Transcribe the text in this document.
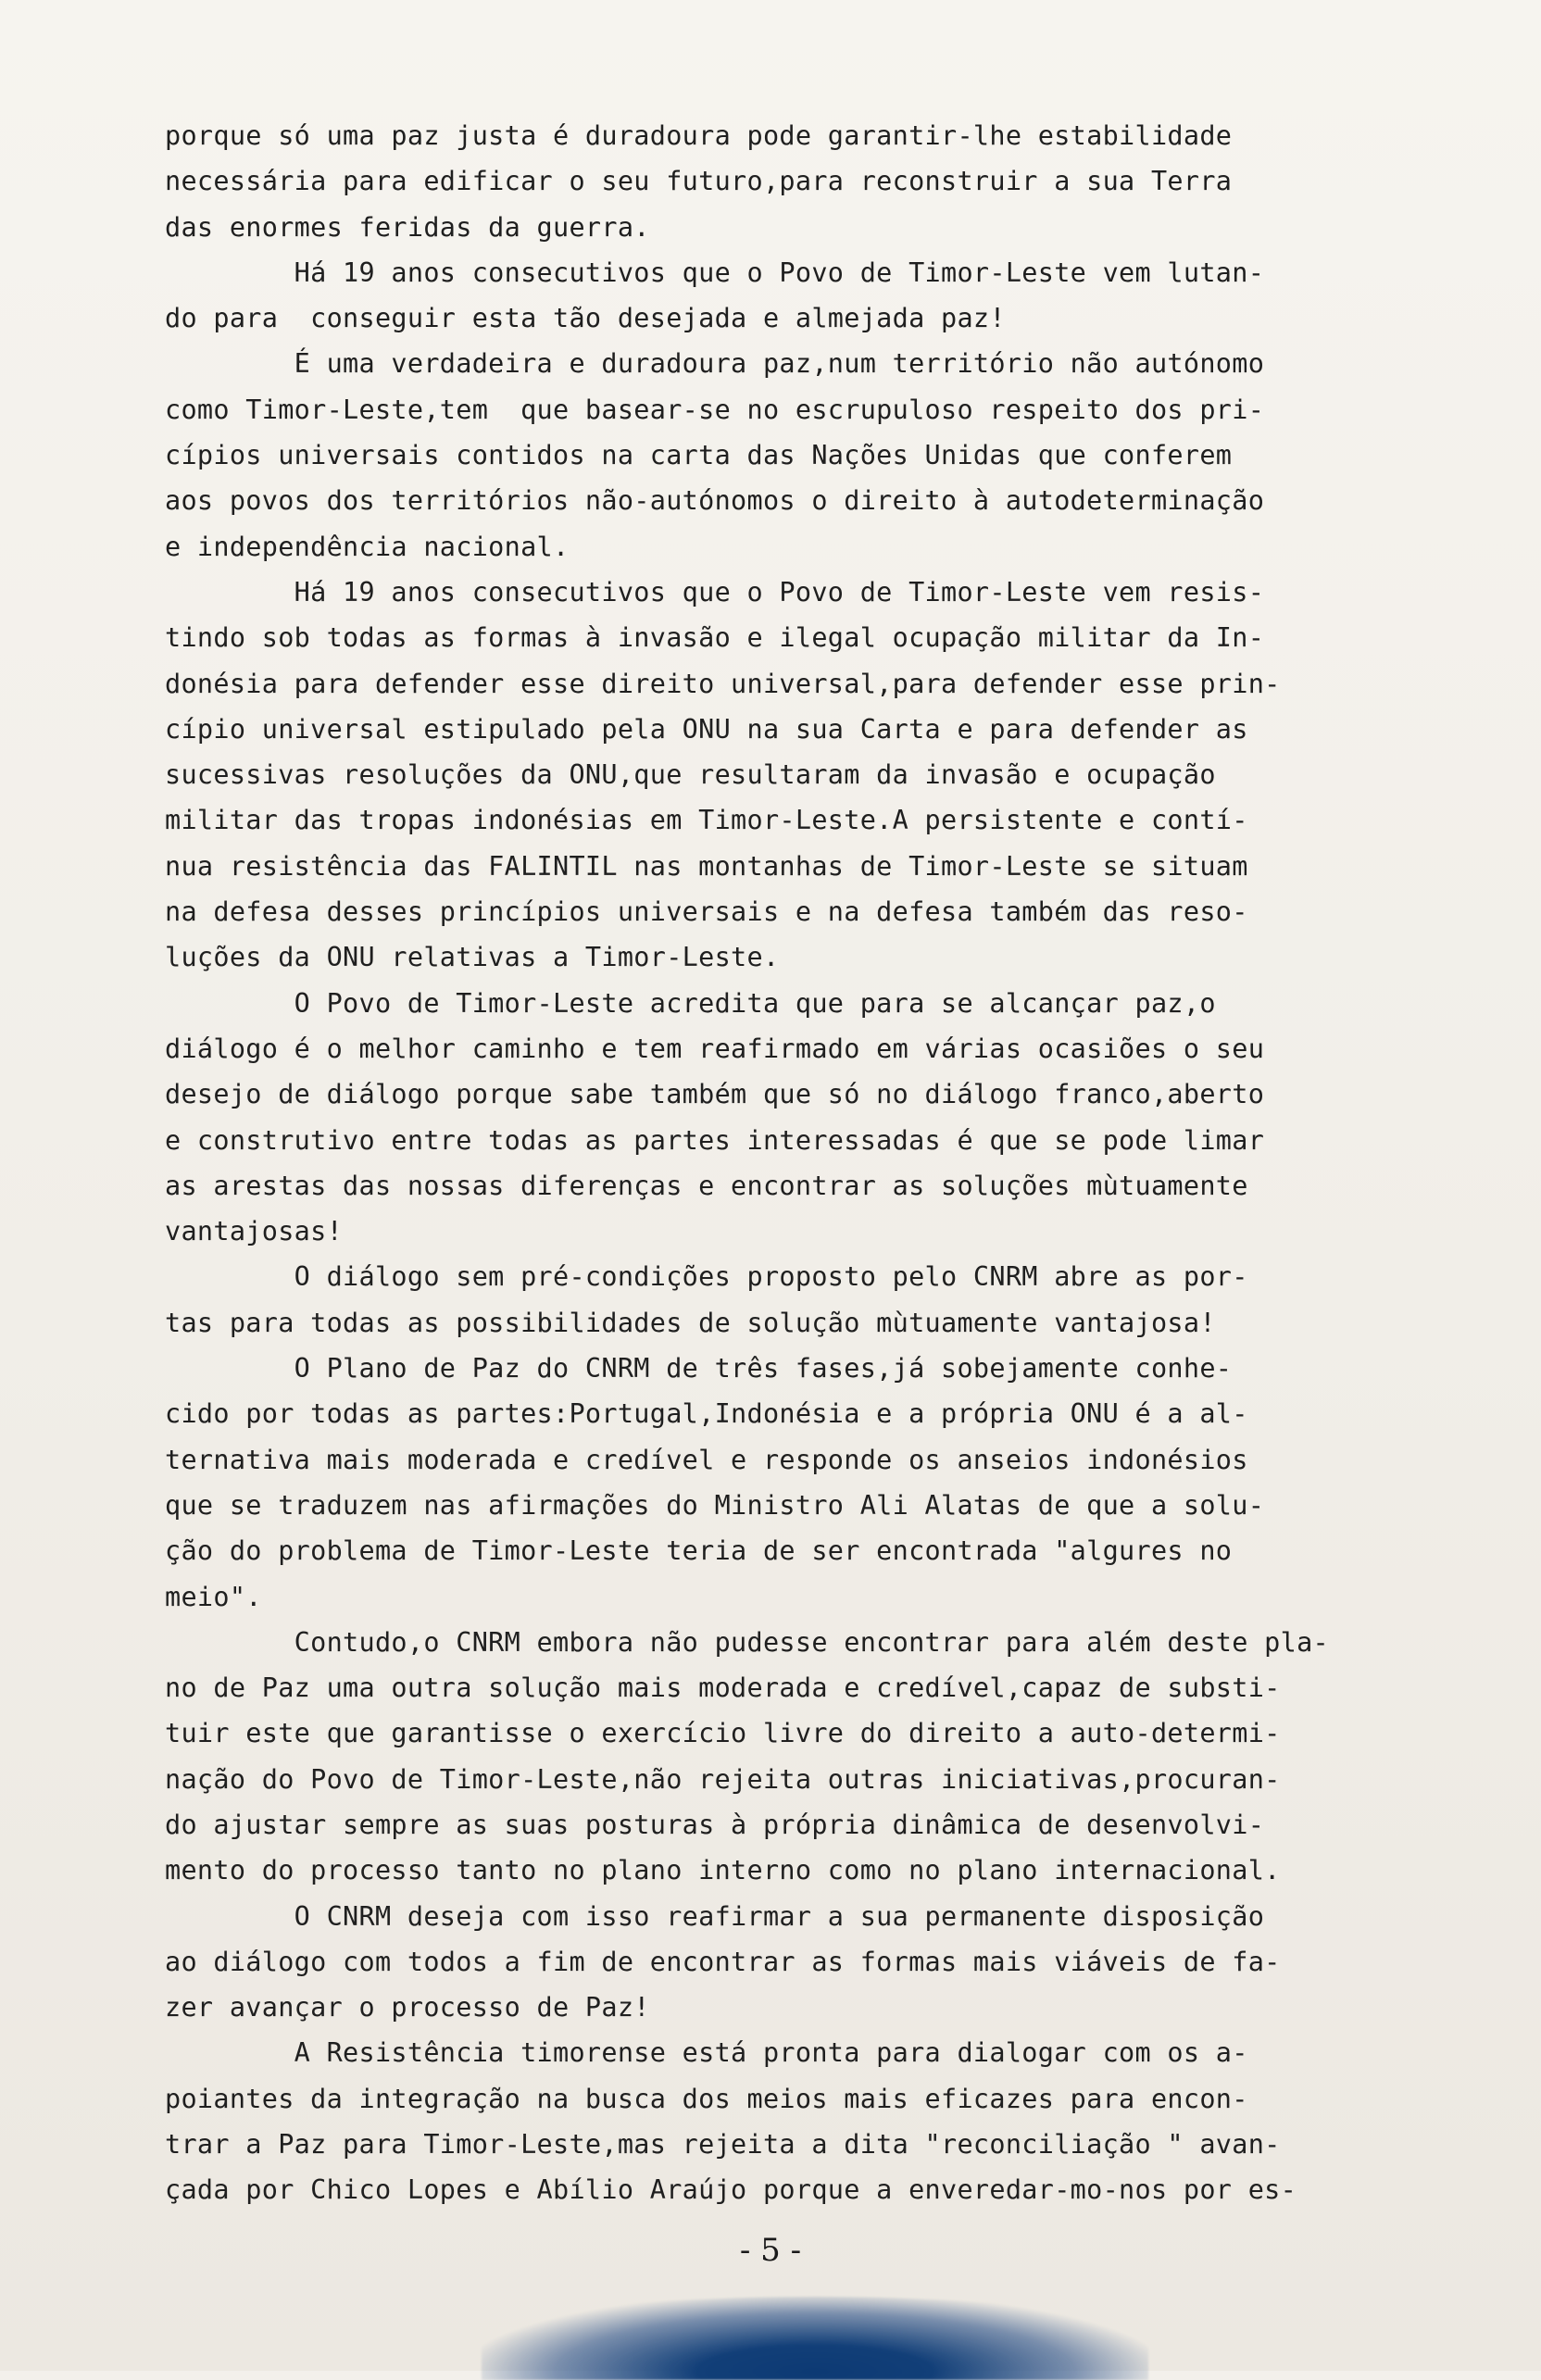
porque só uma paz justa é duradoura pode garantir-lhe estabilidade
necessária para edificar o seu futuro,para reconstruir a sua Terra
das enormes feridas da guerra.
Há 19 anos consecutivos que o Povo de Timor-Leste vem lutan-
do para  conseguir esta tão desejada e almejada paz!
É uma verdadeira e duradoura paz,num território não autónomo
como Timor-Leste,tem  que basear-se no escrupuloso respeito dos pri-
cípios universais contidos na carta das Nações Unidas que conferem
aos povos dos territórios não-autónomos o direito à autodeterminação
e independência nacional.
Há 19 anos consecutivos que o Povo de Timor-Leste vem resis-
tindo sob todas as formas à invasão e ilegal ocupação militar da In-
donésia para defender esse direito universal,para defender esse prin-
cípio universal estipulado pela ONU na sua Carta e para defender as
sucessivas resoluções da ONU,que resultaram da invasão e ocupação
militar das tropas indonésias em Timor-Leste.A persistente e contí-
nua resistência das FALINTIL nas montanhas de Timor-Leste se situam
na defesa desses princípios universais e na defesa também das reso-
luções da ONU relativas a Timor-Leste.
O Povo de Timor-Leste acredita que para se alcançar paz,o
diálogo é o melhor caminho e tem reafirmado em várias ocasiões o seu
desejo de diálogo porque sabe também que só no diálogo franco,aberto
e construtivo entre todas as partes interessadas é que se pode limar
as arestas das nossas diferenças e encontrar as soluções mùtuamente
vantajosas!
O diálogo sem pré-condições proposto pelo CNRM abre as por-
tas para todas as possibilidades de solução mùtuamente vantajosa!
O Plano de Paz do CNRM de três fases,já sobejamente conhe-
cido por todas as partes:Portugal,Indonésia e a própria ONU é a al-
ternativa mais moderada e credível e responde os anseios indonésios
que se traduzem nas afirmações do Ministro Ali Alatas de que a solu-
ção do problema de Timor-Leste teria de ser encontrada "algures no
meio".
Contudo,o CNRM embora não pudesse encontrar para além deste pla-
no de Paz uma outra solução mais moderada e credível,capaz de substi-
tuir este que garantisse o exercício livre do direito a auto-determi-
nação do Povo de Timor-Leste,não rejeita outras iniciativas,procuran-
do ajustar sempre as suas posturas à própria dinâmica de desenvolvi-
mento do processo tanto no plano interno como no plano internacional.
O CNRM deseja com isso reafirmar a sua permanente disposição
ao diálogo com todos a fim de encontrar as formas mais viáveis de fa-
zer avançar o processo de Paz!
A Resistência timorense está pronta para dialogar com os a-
poiantes da integração na busca dos meios mais eficazes para encon-
trar a Paz para Timor-Leste,mas rejeita a dita "reconciliação " avan-
çada por Chico Lopes e Abílio Araújo porque a enveredar-mo-nos por es-
- 5 -
